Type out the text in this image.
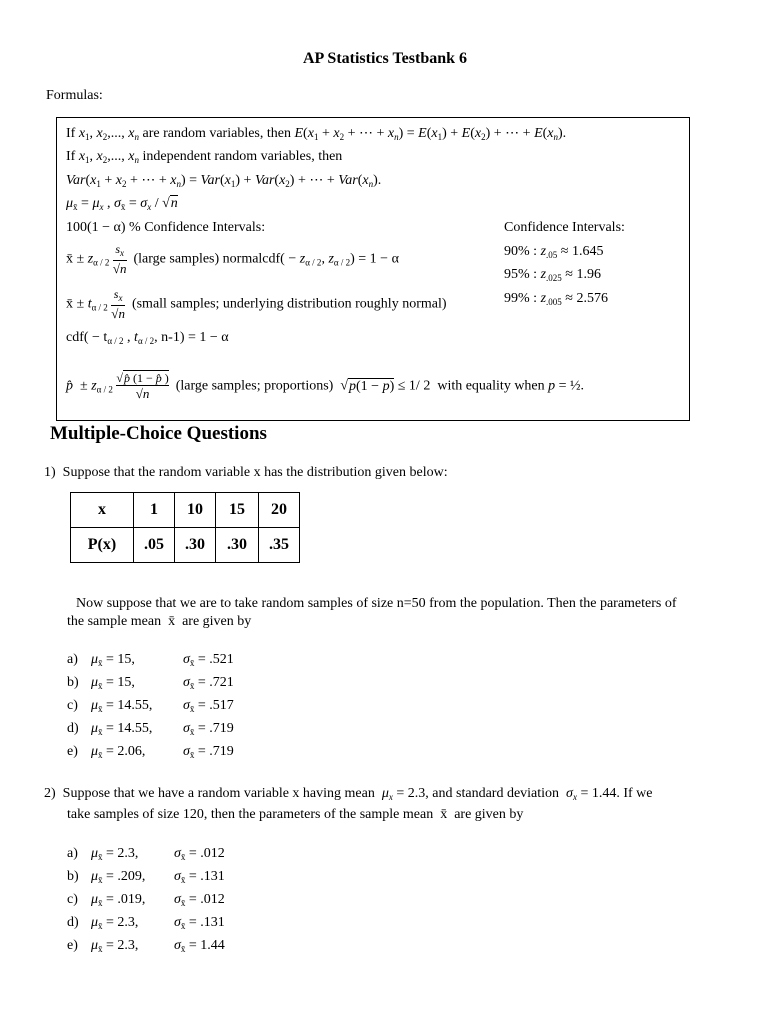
AP Statistics Testbank 6
Formulas:
If $x_1$, $x_2$,..., $x_n$ are random variables, then $E(x_1 + x_2$ + ⋯ + $x_n) = E(x_1) + E(x_2)$ + ⋯ + $E(x_n)$.
If $x_1$, $x_2$,..., $x_n$ independent random variables, then
$Var(x_1 + x_2$ + ⋯ + $x_n) = Var(x_1) + Var(x_2)$ + ⋯ + $Var(x_n)$.
$\mu_{x̄} = \mu_x$ , $\sigma_{x̄} = \sigma_x / √n$
100(1 − α) % Confidence Intervals:	Confidence Intervals:
90% : $z_{.05} \approx 1.645$
95% : $z_{.025} \approx 1.96$
99% : $z_{.005} \approx 2.576$
x̄ ± $z_{\alpha / 2} \frac{s_x}{√n}$ (large samples) normalcdf( − $z_{\alpha / 2}$, $z_{\alpha / 2}) = 1 - \alpha$
x̄ ± $t_{\alpha / 2} \frac{s_x}{√n}$ (small samples; underlying distribution roughly normal)
$cdf( - t_{\alpha / 2}$ , $t_{\alpha / 2}$, n-1) = 1 − α
p̂  ± $z_{\alpha / 2} \frac{√p̂ (1 - p̂ )}{√n}$ (large samples; proportions)  √p(1 − p) ≤ 1/ 2  with equality when p = ½.
Multiple-Choice Questions
1) Suppose that the random variable x has the distribution given below:
x	1	10	15	20
P(x)	.05	.30	.30	.35
Now suppose that we are to take random samples of size n=50 from the population. Then the parameters of
the sample mean  x̄  are given by
a) $\mu_{x̄} = 15$,	$\sigma_{x̄} = .521$
b) $\mu_{x̄} = 15$,	$\sigma_{x̄} = .721$
c) $\mu_{x̄} = 14.55$, $\sigma_{x̄} = .517$
d) $\mu_{x̄} = 14.55$, $\sigma_{x̄} = .719$
e) $\mu_{x̄} = 2.06$,	$\sigma_{x̄} = .719$
2) Suppose that we have a random variable x having mean $\mu_x = 2.3$, and standard deviation $\sigma_x = 1.44$. If we
take samples of size 120, then the parameters of the sample mean  x̄  are given by
a) $\mu_{x̄} = 2.3$,	$\sigma_{x̄} = .012$
b) $\mu_{x̄} = .209$, $\sigma_{x̄} = .131$
c) $\mu_{x̄} = .019$, $\sigma_{x̄} = .012$
d) $\mu_{x̄} = 2.3$,	$\sigma_{x̄} = .131$
e) $\mu_{x̄} = 2.3$,	$\sigma_{x̄} = 1.44$
